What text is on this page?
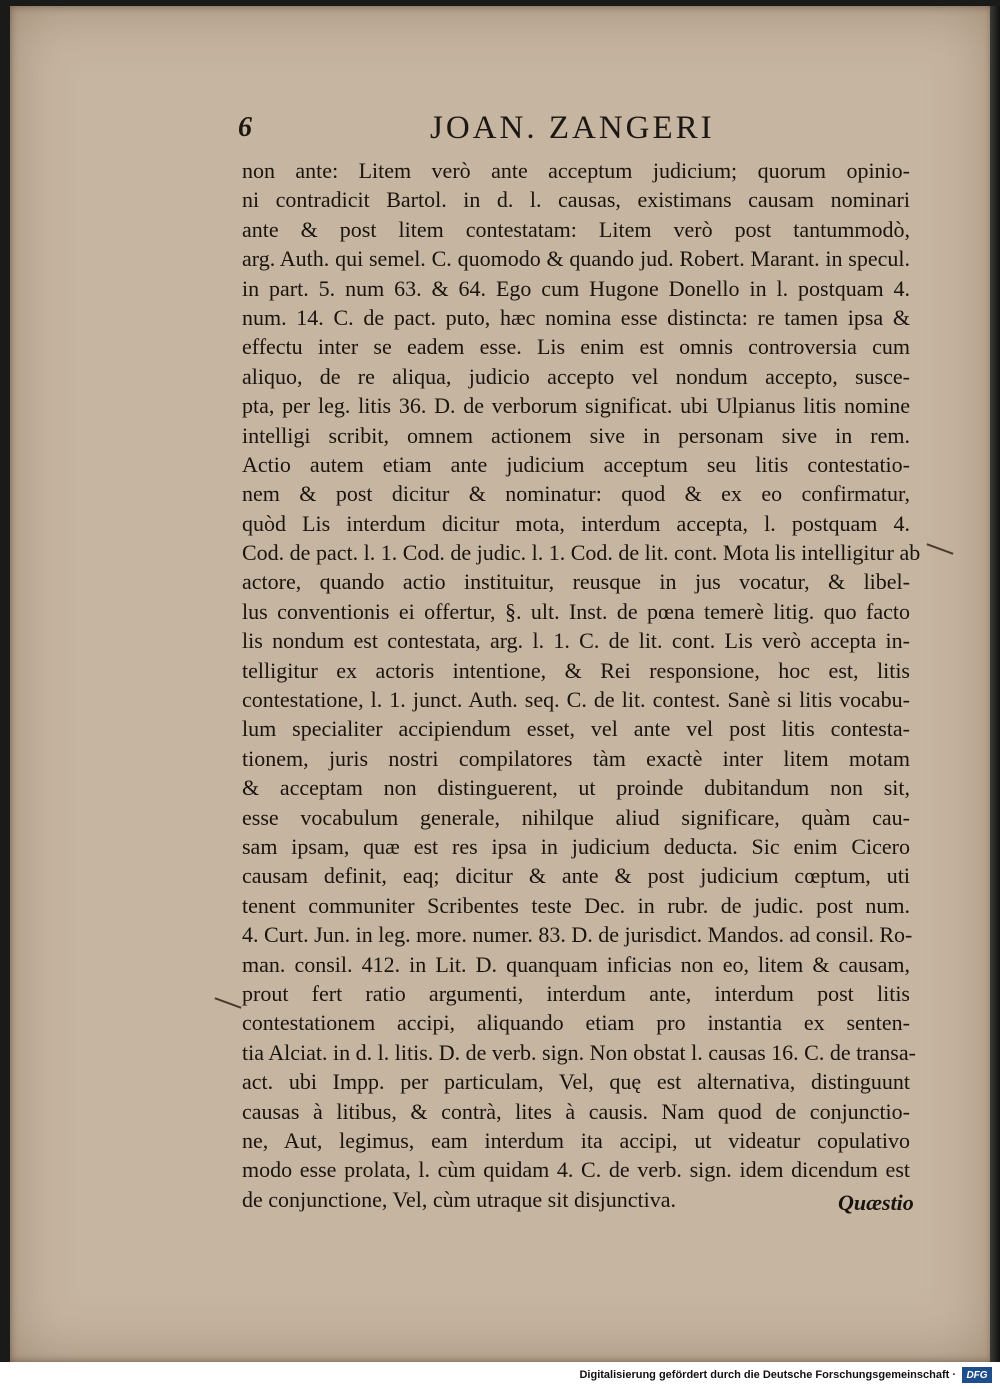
6	JOAN. ZANGERI
non ante: Litem verò ante acceptum judicium; quorum opinio-
ni contradicit Bartol. in d. l. causas, existimans causam nominari
ante & post litem contestatam: Litem verò post tantummodò,
arg. Auth. qui semel. C. quomodo & quando jud. Robert. Marant. in specul.
in part. 5. num 63. & 64. Ego cum Hugone Donello in l. postquam 4.
num. 14. C. de pact. puto, hæc nomina esse distincta: re tamen ipsa &
effectu inter se eadem esse. Lis enim est omnis controversia cum
aliquo, de re aliqua, judicio accepto vel nondum accepto, susce-
pta, per leg. litis 36. D. de verborum significat. ubi Ulpianus litis nomine
intelligi scribit, omnem actionem sive in personam sive in rem.
Actio autem etiam ante judicium acceptum seu litis contestatio-
nem & post dicitur & nominatur: quod & ex eo confirmatur,
quòd Lis interdum dicitur mota, interdum accepta, l. postquam 4.
Cod. de pact. l. 1. Cod. de judic. l. 1. Cod. de lit. cont. Mota lis intelligitur ab
actore, quando actio instituitur, reusque in jus vocatur, & libel-
lus conventionis ei offertur, §. ult. Inst. de pœna temerè litig. quo facto
lis nondum est contestata, arg. l. 1. C. de lit. cont. Lis verò accepta in-
telligitur ex actoris intentione, & Rei responsione, hoc est, litis
contestatione, l. 1. junct. Auth. seq. C. de lit. contest. Sanè si litis vocabu-
lum specialiter accipiendum esset, vel ante vel post litis contesta-
tionem, juris nostri compilatores tàm exactè inter litem motam
& acceptam non distinguerent, ut proinde dubitandum non sit,
esse vocabulum generale, nihilque aliud significare, quàm cau-
sam ipsam, quæ est res ipsa in judicium deducta. Sic enim Cicero
causam definit, eaq; dicitur & ante & post judicium cœptum, uti
tenent communiter Scribentes teste Dec. in rubr. de judic. post num.
4. Curt. Jun. in leg. more. numer. 83. D. de jurisdict. Mandos. ad consil. Ro-
man. consil. 412. in Lit. D. quanquam inficias non eo, litem & causam,
prout fert ratio argumenti, interdum ante, interdum post litis
contestationem accipi, aliquando etiam pro instantia ex senten-
tia Alciat. in d. l. litis. D. de verb. sign. Non obstat l. causas 16. C. de transa-
act. ubi Impp. per particulam, Vel, quę est alternativa, distinguunt
causas à litibus, & contrà, lites à causis. Nam quod de conjunctio-
ne, Aut, legimus, eam interdum ita accipi, ut videatur copulativo
modo esse prolata, l. cùm quidam 4. C. de verb. sign. idem dicendum est
de conjunctione, Vel, cùm utraque sit disjunctiva.	Quæstio
Digitalisierung gefördert durch die Deutsche Forschungsgemeinschaft ·	DFG
